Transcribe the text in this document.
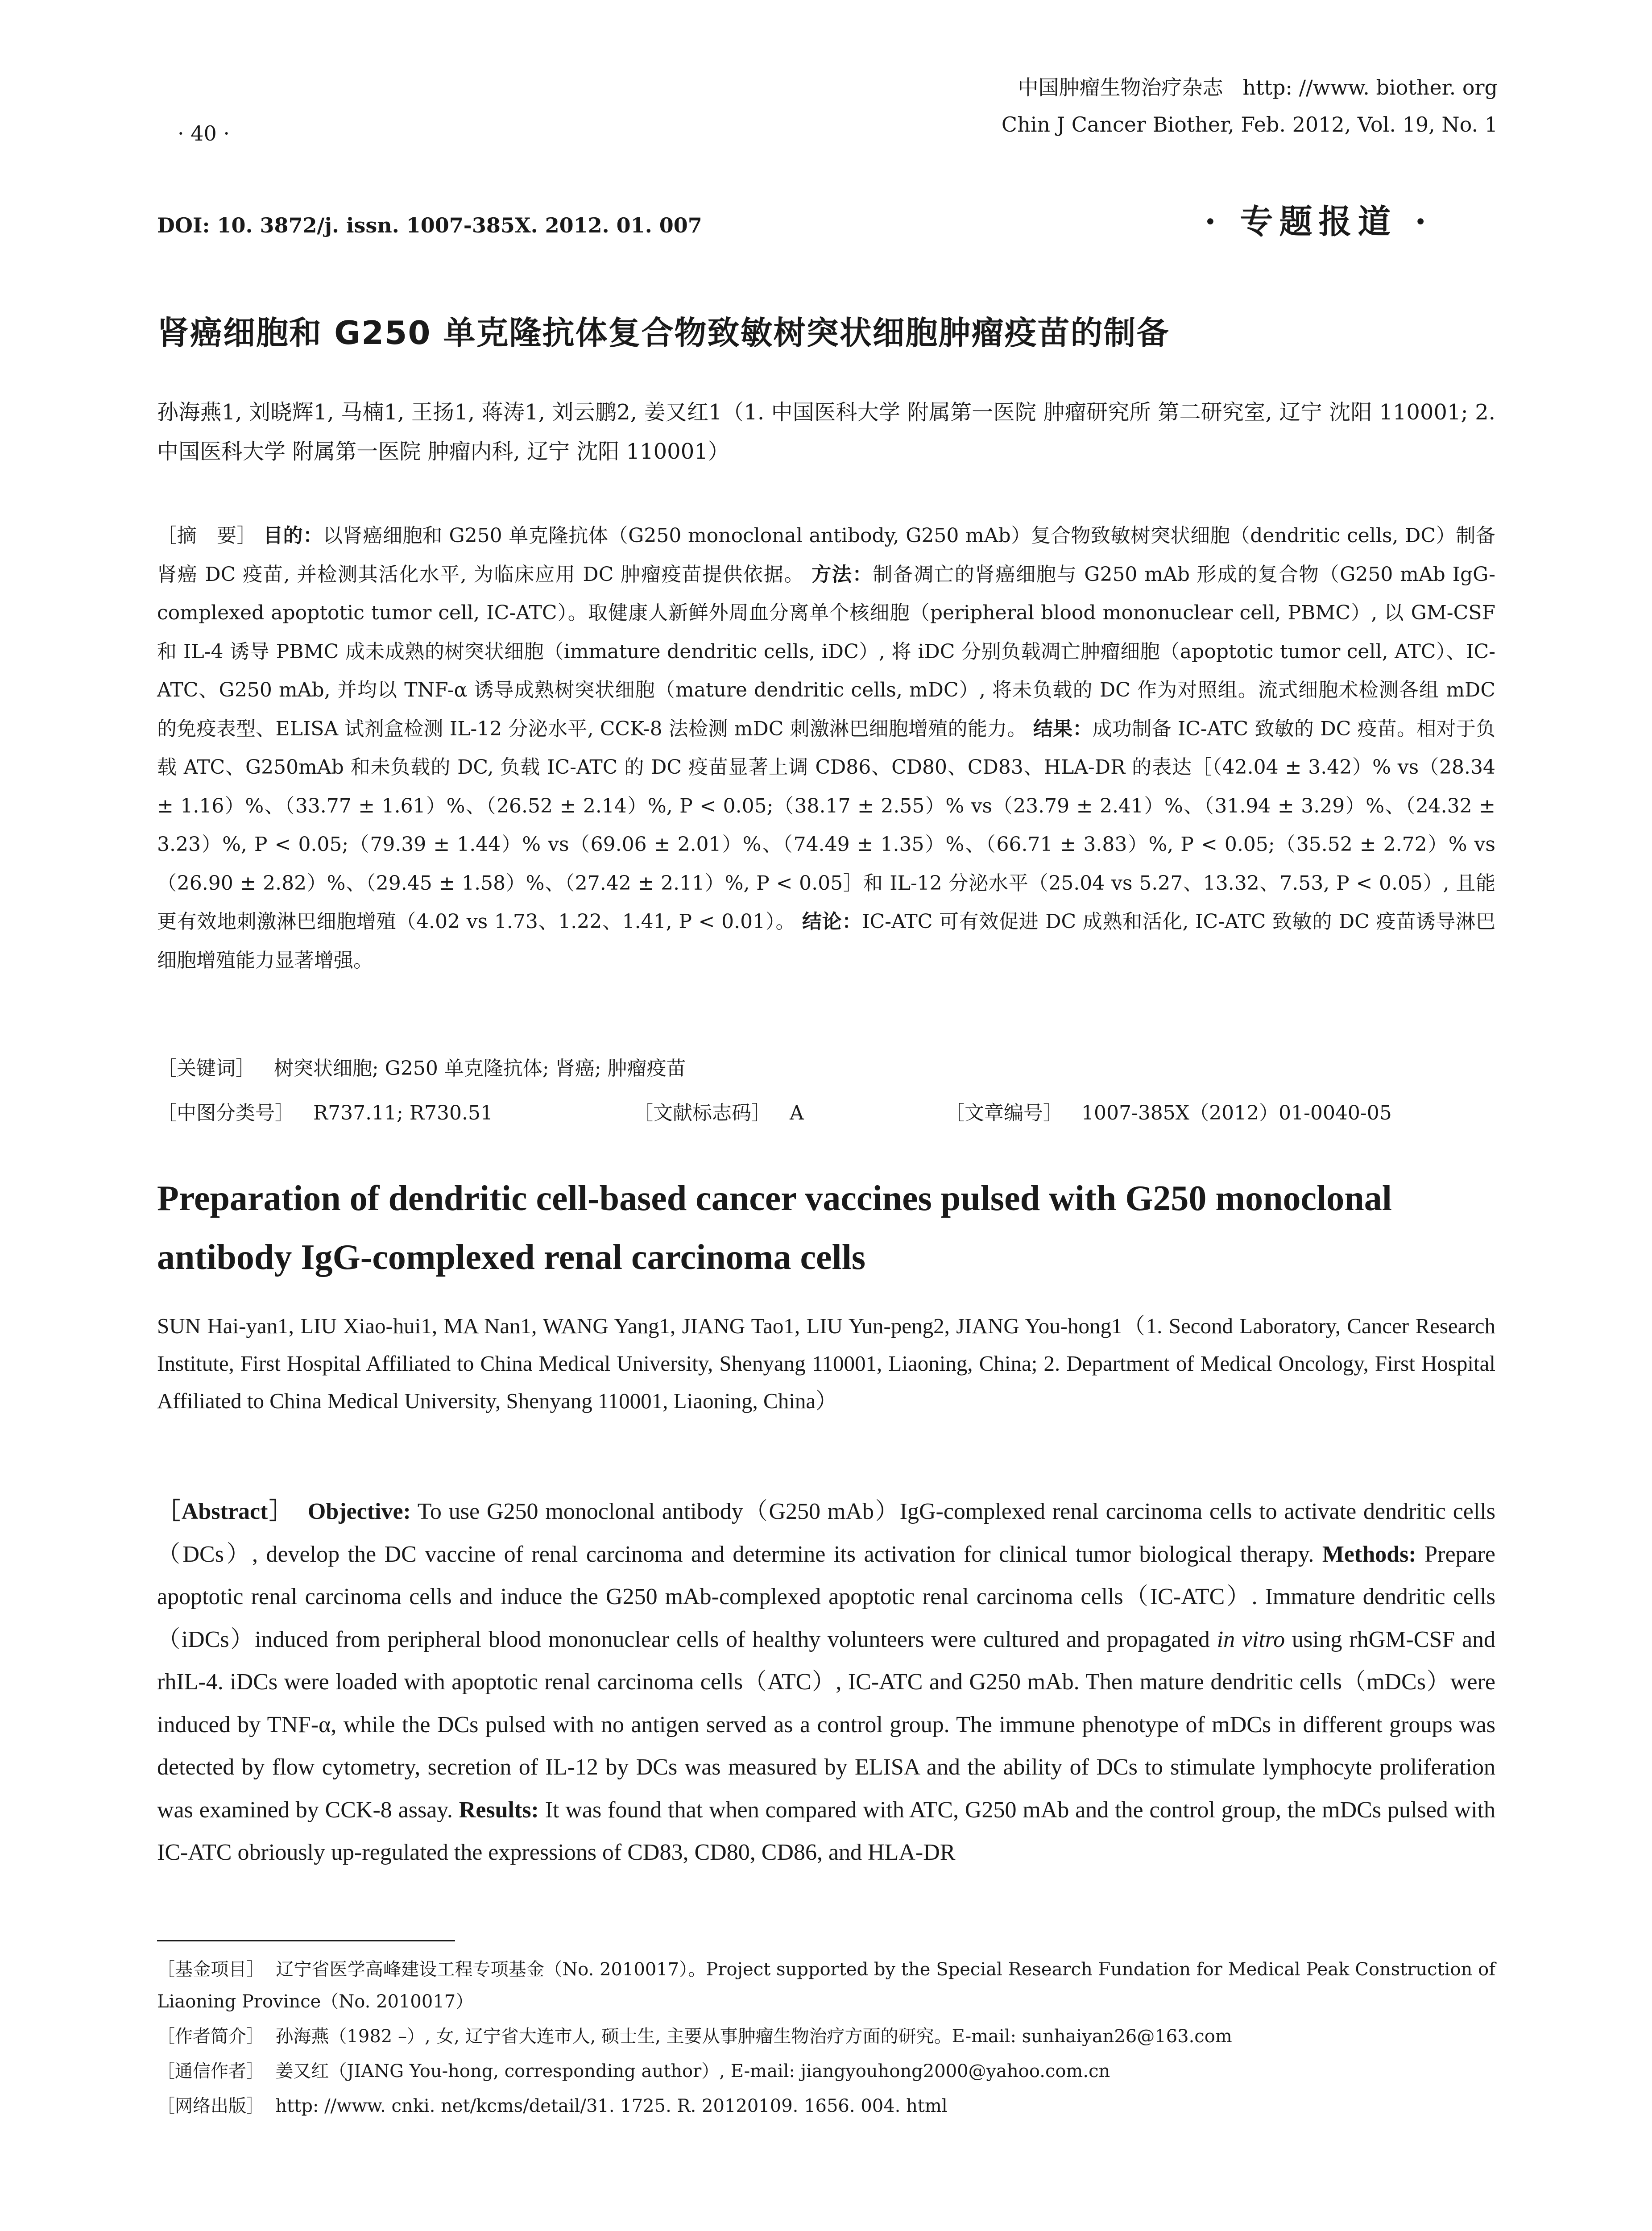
· 40 ·
中国肿瘤生物治疗杂志 http: //www. biother. org
Chin J Cancer Biother, Feb. 2012, Vol. 19, No. 1
DOI: 10. 3872/j. issn. 1007-385X. 2012. 01. 007	· 专题报道 ·
肾癌细胞和 G250 单克隆抗体复合物致敏树突状细胞肿瘤疫苗的制备
孙海燕1, 刘晓辉1, 马楠1, 王扬1, 蒋涛1, 刘云鹏2, 姜又红1（1. 中国医科大学 附属第一医院 肿瘤研究所 第二研究室, 辽宁 沈阳 110001; 2. 中国医科大学 附属第一医院 肿瘤内科, 辽宁 沈阳 110001）
［摘　要］ 目的：以肾癌细胞和 G250 单克隆抗体（G250 monoclonal antibody, G250 mAb）复合物致敏树突状细胞（dendritic cells, DC）制备肾癌 DC 疫苗, 并检测其活化水平, 为临床应用 DC 肿瘤疫苗提供依据。 方法：制备凋亡的肾癌细胞与 G250 mAb 形成的复合物（G250 mAb IgG-complexed apoptotic tumor cell, IC-ATC）。取健康人新鲜外周血分离单个核细胞（peripheral blood mononuclear cell, PBMC）, 以 GM-CSF 和 IL-4 诱导 PBMC 成未成熟的树突状细胞（immature dendritic cells, iDC）, 将 iDC 分别负载凋亡肿瘤细胞（apoptotic tumor cell, ATC）、IC-ATC、G250 mAb, 并均以 TNF-α 诱导成熟树突状细胞（mature dendritic cells, mDC）, 将未负载的 DC 作为对照组。流式细胞术检测各组 mDC 的免疫表型、ELISA 试剂盒检测 IL-12 分泌水平, CCK-8 法检测 mDC 刺激淋巴细胞增殖的能力。 结果：成功制备 IC-ATC 致敏的 DC 疫苗。相对于负载 ATC、G250mAb 和未负载的 DC, 负载 IC-ATC 的 DC 疫苗显著上调 CD86、CD80、CD83、HLA-DR 的表达［（42.04 ± 3.42）% vs（28.34 ± 1.16）%、（33.77 ± 1.61）%、（26.52 ± 2.14）%, P < 0.05;（38.17 ± 2.55）% vs（23.79 ± 2.41）%、（31.94 ± 3.29）%、（24.32 ± 3.23）%, P < 0.05;（79.39 ± 1.44）% vs（69.06 ± 2.01）%、（74.49 ± 1.35）%、（66.71 ± 3.83）%, P < 0.05;（35.52 ± 2.72）% vs（26.90 ± 2.82）%、（29.45 ± 1.58）%、（27.42 ± 2.11）%, P < 0.05］和 IL-12 分泌水平（25.04 vs 5.27、13.32、7.53, P < 0.05）, 且能更有效地刺激淋巴细胞增殖（4.02 vs 1.73、1.22、1.41, P < 0.01）。 结论：IC-ATC 可有效促进 DC 成熟和活化, IC-ATC 致敏的 DC 疫苗诱导淋巴细胞增殖能力显著增强。
［关键词］ 树突状细胞; G250 单克隆抗体; 肾癌; 肿瘤疫苗
［中图分类号］ R737.11; R730.51	［文献标志码］ A	［文章编号］ 1007-385X（2012）01-0040-05
Preparation of dendritic cell-based cancer vaccines pulsed with G250 monoclonal antibody IgG-complexed renal carcinoma cells
SUN Hai-yan1, LIU Xiao-hui1, MA Nan1, WANG Yang1, JIANG Tao1, LIU Yun-peng2, JIANG You-hong1（1. Second Laboratory, Cancer Research Institute, First Hospital Affiliated to China Medical University, Shenyang 110001, Liaoning, China; 2. Department of Medical Oncology, First Hospital Affiliated to China Medical University, Shenyang 110001, Liaoning, China）
［Abstract］ Objective: To use G250 monoclonal antibody（G250 mAb）IgG-complexed renal carcinoma cells to activate dendritic cells（DCs）, develop the DC vaccine of renal carcinoma and determine its activation for clinical tumor biological therapy. Methods: Prepare apoptotic renal carcinoma cells and induce the G250 mAb-complexed apoptotic renal carcinoma cells（IC-ATC）. Immature dendritic cells（iDCs）induced from peripheral blood mononuclear cells of healthy volunteers were cultured and propagated in vitro using rhGM-CSF and rhIL-4. iDCs were loaded with apoptotic renal carcinoma cells（ATC）, IC-ATC and G250 mAb. Then mature dendritic cells（mDCs）were induced by TNF-α, while the DCs pulsed with no antigen served as a control group. The immune phenotype of mDCs in different groups was detected by flow cytometry, secretion of IL-12 by DCs was measured by ELISA and the ability of DCs to stimulate lymphocyte proliferation was examined by CCK-8 assay. Results: It was found that when compared with ATC, G250 mAb and the control group, the mDCs pulsed with IC-ATC obriously up-regulated the expressions of CD83, CD80, CD86, and HLA-DR
［基金项目］ 辽宁省医学高峰建设工程专项基金（No. 2010017）。Project supported by the Special Research Fundation for Medical Peak Construction of Liaoning Province（No. 2010017）
［作者简介］ 孙海燕（1982 –）, 女, 辽宁省大连市人, 硕士生, 主要从事肿瘤生物治疗方面的研究。E-mail: sunhaiyan26@163.com
［通信作者］ 姜又红（JIANG You-hong, corresponding author）, E-mail: jiangyouhong2000@yahoo.com.cn
［网络出版］ http: //www. cnki. net/kcms/detail/31. 1725. R. 20120109. 1656. 004. html
